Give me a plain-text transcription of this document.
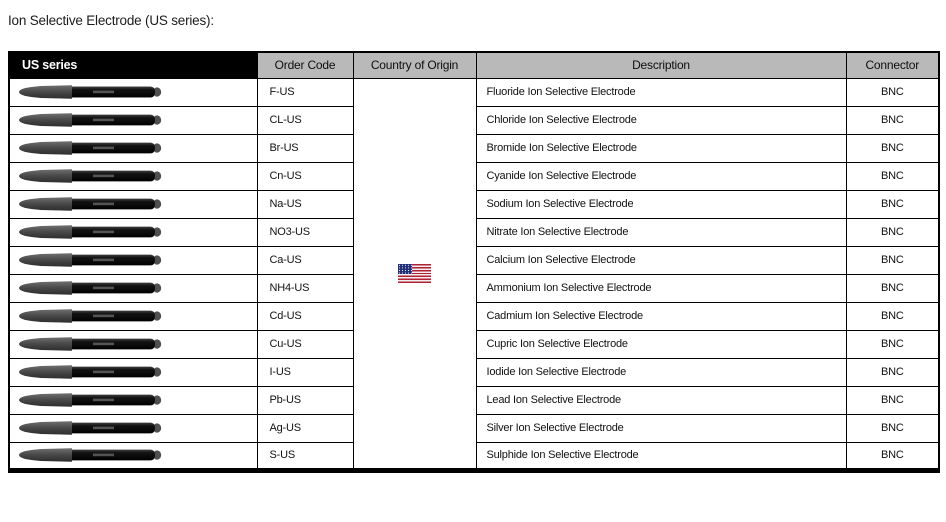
Ion Selective Electrode (US series):
US series	Order Code	Country of Origin	Description	Connector

	F-US		Fluoride Ion Selective Electrode	BNC

	CL-US		Chloride Ion Selective Electrode	BNC

	Br-US		Bromide Ion Selective Electrode	BNC

	Cn-US		Cyanide Ion Selective Electrode	BNC

	Na-US		Sodium Ion Selective Electrode	BNC

	NO3-US		Nitrate Ion Selective Electrode	BNC

	Ca-US		Calcium Ion Selective Electrode	BNC

	NH4-US		Ammonium Ion Selective Electrode	BNC

	Cd-US		Cadmium Ion Selective Electrode	BNC

	Cu-US		Cupric Ion Selective Electrode	BNC

	I-US		Iodide Ion Selective Electrode	BNC

	Pb-US		Lead Ion Selective Electrode	BNC

	Ag-US		Silver Ion Selective Electrode	BNC

	S-US		Sulphide Ion Selective Electrode	BNC
